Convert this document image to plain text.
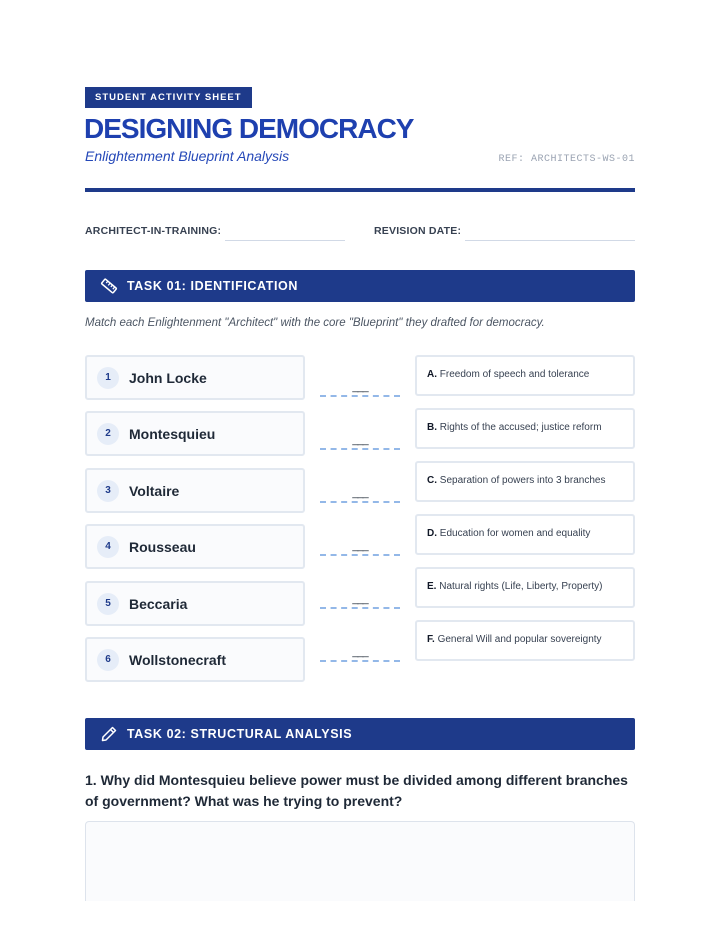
STUDENT ACTIVITY SHEET
DESIGNING DEMOCRACY
Enlightenment Blueprint Analysis	REF: ARCHITECTS-WS-01
ARCHITECT-IN-TRAINING:	REVISION DATE:
TASK 01: IDENTIFICATION
Match each Enlightenment "Architect" with the core "Blueprint" they drafted for democracy.
1	John Locke
2	Montesquieu
3	Voltaire
4	Rousseau
5	Beccaria
6	Wollstonecraft
___
___
___
___
___
___
A. Freedom of speech and tolerance
B. Rights of the accused; justice reform
C. Separation of powers into 3 branches
D. Education for women and equality
E. Natural rights (Life, Liberty, Property)
F. General Will and popular sovereignty
TASK 02: STRUCTURAL ANALYSIS
1. Why did Montesquieu believe power must be divided among different branches of government? What was he trying to prevent?
